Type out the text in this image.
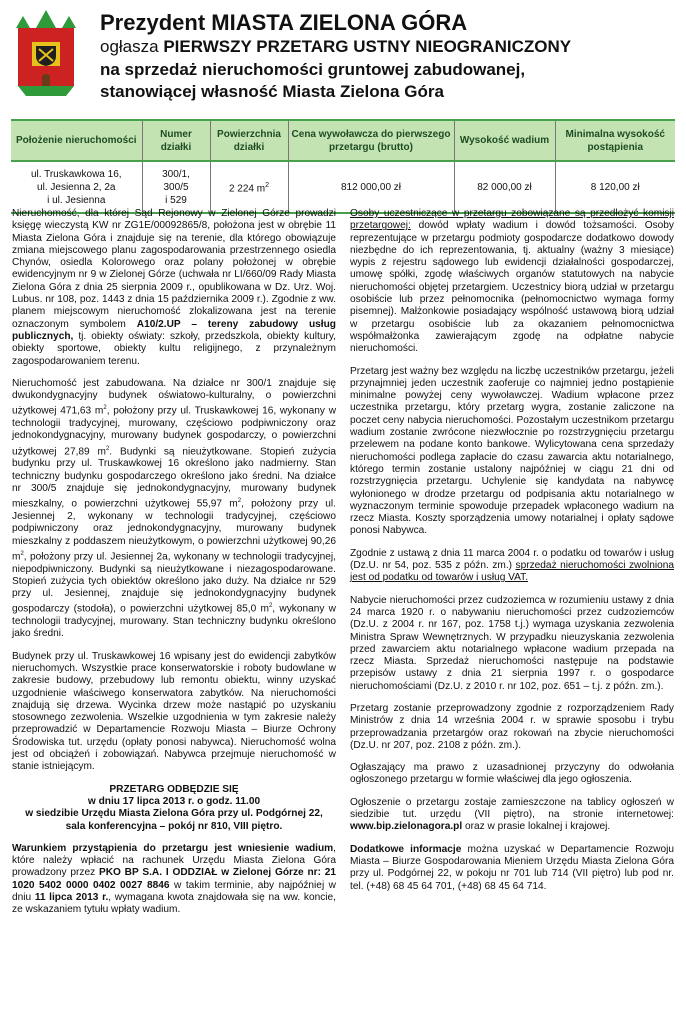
Prezydent MIASTA ZIELONA GÓRA
ogłasza PIERWSZY PRZETARG USTNY NIEOGRANICZONY
na sprzedaż nieruchomości gruntowej zabudowanej,
stanowiącej własność Miasta Zielona Góra
Położenie nieruchomości	Numer działki	Powierzchnia działki	Cena wywoławcza do pierwszego przetargu (brutto)	Wysokość wadium	Minimalna wysokość postąpienia
ul. Truskawkowa 16,
ul. Jesienna 2, 2a
i ul. Jesienna	300/1,
300/5
i 529	2 224 $m^2$	812 000,00 zł	82 000,00 zł	8 120,00 zł

Nieruchomość, dla której Sąd Rejonowy w Zielonej Górze prowadzi księgę wieczystą KW nr ZG1E/00092865/8, położona jest w obrębie 11 Miasta Zielona Góra i znajduje się na terenie, dla którego obowiązuje zmiana miejscowego planu zagospodarowania przestrzennego osiedla Chynów, osiedla Kolorowego oraz polany położonej w obrębie ewidencyjnym nr 9 w Zielonej Górze (uchwała nr LI/660/09 Rady Miasta Zielona Góra z dnia 25 sierpnia 2009 r., opublikowana w Dz. Urz. Woj. Lubus. nr 108, poz. 1443 z dnia 15 października 2009 r.). Zgodnie z ww. planem miejscowym nieruchomość zlokalizowana jest na terenie oznaczonym symbolem A10/2.UP – tereny zabudowy usług publicznych, tj. obiekty oświaty: szkoły, przedszkola, obiekty kultury, obiekty sportowe, obiekty kultu religijnego, z przynależnym zagospodarowaniem terenu.

Nieruchomość jest zabudowana. Na działce nr 300/1 znajduje się dwukondygnacyjny budynek oświatowo-kulturalny, o powierzchni użytkowej 471,63 $m^2$, położony przy ul. Truskawkowej 16, wykonany w technologii tradycyjnej, murowany, częściowo podpiwniczony oraz jednokondygnacyjny, murowany budynek gospodarczy, o powierzchni użytkowej 27,89 $m^2$. Budynki są nieużytkowane. Stopień zużycia budynku przy ul. Truskawkowej 16 określono jako nadmierny. Stan techniczny budynku gospodarczego określono jako średni. Na działce nr 300/5 znajduje się jednokondygnacyjny, murowany budynek mieszkalny, o powierzchni użytkowej 55,97 $m^2$, położony przy ul. Jesiennej 2, wykonany w technologii tradycyjnej, częściowo podpiwniczony oraz jednokondygnacyjny, murowany budynek mieszkalny z poddaszem nieużytkowym, o powierzchni użytkowej 90,26 $m^2$, położony przy ul. Jesiennej 2a, wykonany w technologii tradycyjnej, niepodpiwniczony. Budynki są nieużytkowane i niezagospodarowane. Stopień zużycia tych obiektów określono jako duży. Na działce nr 529 przy ul. Jesiennej, znajduje się jednokondygnacyjny budynek gospodarczy (stodoła), o powierzchni użytkowej 85,0 $m^2$, wykonany w technologii tradycyjnej, murowany. Stan techniczny budynku określono jako średni.

Budynek przy ul. Truskawkowej 16 wpisany jest do ewidencji zabytków nieruchomych. Wszystkie prace konserwatorskie i roboty budowlane w zakresie budowy, przebudowy lub remontu obiektu, winny uzyskać uzgodnienie właściwego konserwatora zabytków. Na nieruchomości znajdują się drzewa. Wycinka drzew może nastąpić po uzyskaniu stosownego zezwolenia. Wszelkie uzgodnienia w tym zakresie należy przeprowadzić w Departamencie Rozwoju Miasta – Biurze Ochrony Środowiska tut. urzędu (opłaty ponosi nabywca). Nieruchomość wolna jest od obciążeń i zobowiązań. Nabywca przejmuje nieruchomość w stanie istniejącym.

PRZETARG ODBĘDZIE SIĘ
w dniu 17 lipca 2013 r. o godz. 11.00
w siedzibie Urzędu Miasta Zielona Góra przy ul. Podgórnej 22,
sala konferencyjna – pokój nr 810, VIII piętro.

Warunkiem przystąpienia do przetargu jest wniesienie wadium, które należy wpłacić na rachunek Urzędu Miasta Zielona Góra prowadzony przez PKO BP S.A. I ODDZIAŁ w Zielonej Górze nr: 21 1020 5402 0000 0402 0027 8846 w takim terminie, aby najpóźniej w dniu 11 lipca 2013 r., wymagana kwota znajdowała się na ww. koncie, ze wskazaniem tytułu wpłaty wadium.

Osoby uczestniczące w przetargu zobowiązane są przedłożyć komisji przetargowej: dowód wpłaty wadium i dowód tożsamości. Osoby reprezentujące w przetargu podmioty gospodarcze dodatkowo dowody niezbędne do ich reprezentowania, tj. aktualny (ważny 3 miesiące) wypis z rejestru sądowego lub ewidencji działalności gospodarczej, umowę spółki, zgodę właściwych organów statutowych na nabycie nieruchomości objętej przetargiem. Uczestnicy biorą udział w przetargu osobiście lub przez pełnomocnika (pełnomocnictwo wymaga formy pisemnej). Małżonkowie posiadający wspólność ustawową biorą udział w przetargu osobiście lub za okazaniem pełnomocnictwa współmałżonka zawierającym zgodę na odpłatne nabycie nieruchomości.

Przetarg jest ważny bez względu na liczbę uczestników przetargu, jeżeli przynajmniej jeden uczestnik zaoferuje co najmniej jedno postąpienie minimalne powyżej ceny wywoławczej. Wadium wpłacone przez uczestnika przetargu, który przetarg wygra, zostanie zaliczone na poczet ceny nabycia nieruchomości. Pozostałym uczestnikom przetargu wadium zostanie zwrócone niezwłocznie po rozstrzygnięciu przetargu przelewem na podane konto bankowe. Wylicytowana cena sprzedaży nieruchomości podlega zapłacie do czasu zawarcia aktu notarialnego, którego termin zostanie ustalony najpóźniej w ciągu 21 dni od rozstrzygnięcia przetargu. Uchylenie się kandydata na nabywcę wyłonionego w drodze przetargu od podpisania aktu notarialnego w wyznaczonym terminie spowoduje przepadek wpłaconego wadium na rzecz Miasta. Koszty sporządzenia umowy notarialnej i opłaty sądowe ponosi Nabywca.

Zgodnie z ustawą z dnia 11 marca 2004 r. o podatku od towarów i usług (Dz.U. nr 54, poz. 535 z późn. zm.) sprzedaż nieruchomości zwolniona jest od podatku od towarów i usług VAT.

Nabycie nieruchomości przez cudzoziemca w rozumieniu ustawy z dnia 24 marca 1920 r. o nabywaniu nieruchomości przez cudzoziemców (Dz.U. z 2004 r. nr 167, poz. 1758 t.j.) wymaga uzyskania zezwolenia Ministra Spraw Wewnętrznych. W przypadku nieuzyskania zezwolenia przed zawarciem aktu notarialnego wpłacone wadium przepada na rzecz Miasta. Sprzedaż nieruchomości następuje na podstawie przepisów ustawy z dnia 21 sierpnia 1997 r. o gospodarce nieruchomościami (Dz.U. z 2010 r. nr 102, poz. 651 – t.j. z późn. zm.).

Przetarg zostanie przeprowadzony zgodnie z rozporządzeniem Rady Ministrów z dnia 14 września 2004 r. w sprawie sposobu i trybu przeprowadzania przetargów oraz rokowań na zbycie nieruchomości (Dz.U. nr 207, poz. 2108 z późn. zm.).

Ogłaszający ma prawo z uzasadnionej przyczyny do odwołania ogłoszonego przetargu w formie właściwej dla jego ogłoszenia.

Ogłoszenie o przetargu zostaje zamieszczone na tablicy ogłoszeń w siedzibie tut. urzędu (VII piętro), na stronie internetowej: www.bip.zielonagora.pl oraz w prasie lokalnej i krajowej.

Dodatkowe informacje można uzyskać w Departamencie Rozwoju Miasta – Biurze Gospodarowania Mieniem Urzędu Miasta Zielona Góra przy ul. Podgórnej 22, w pokoju nr 701 lub 714 (VII piętro) lub pod nr. tel. (+48) 68 45 64 701, (+48) 68 45 64 714.
